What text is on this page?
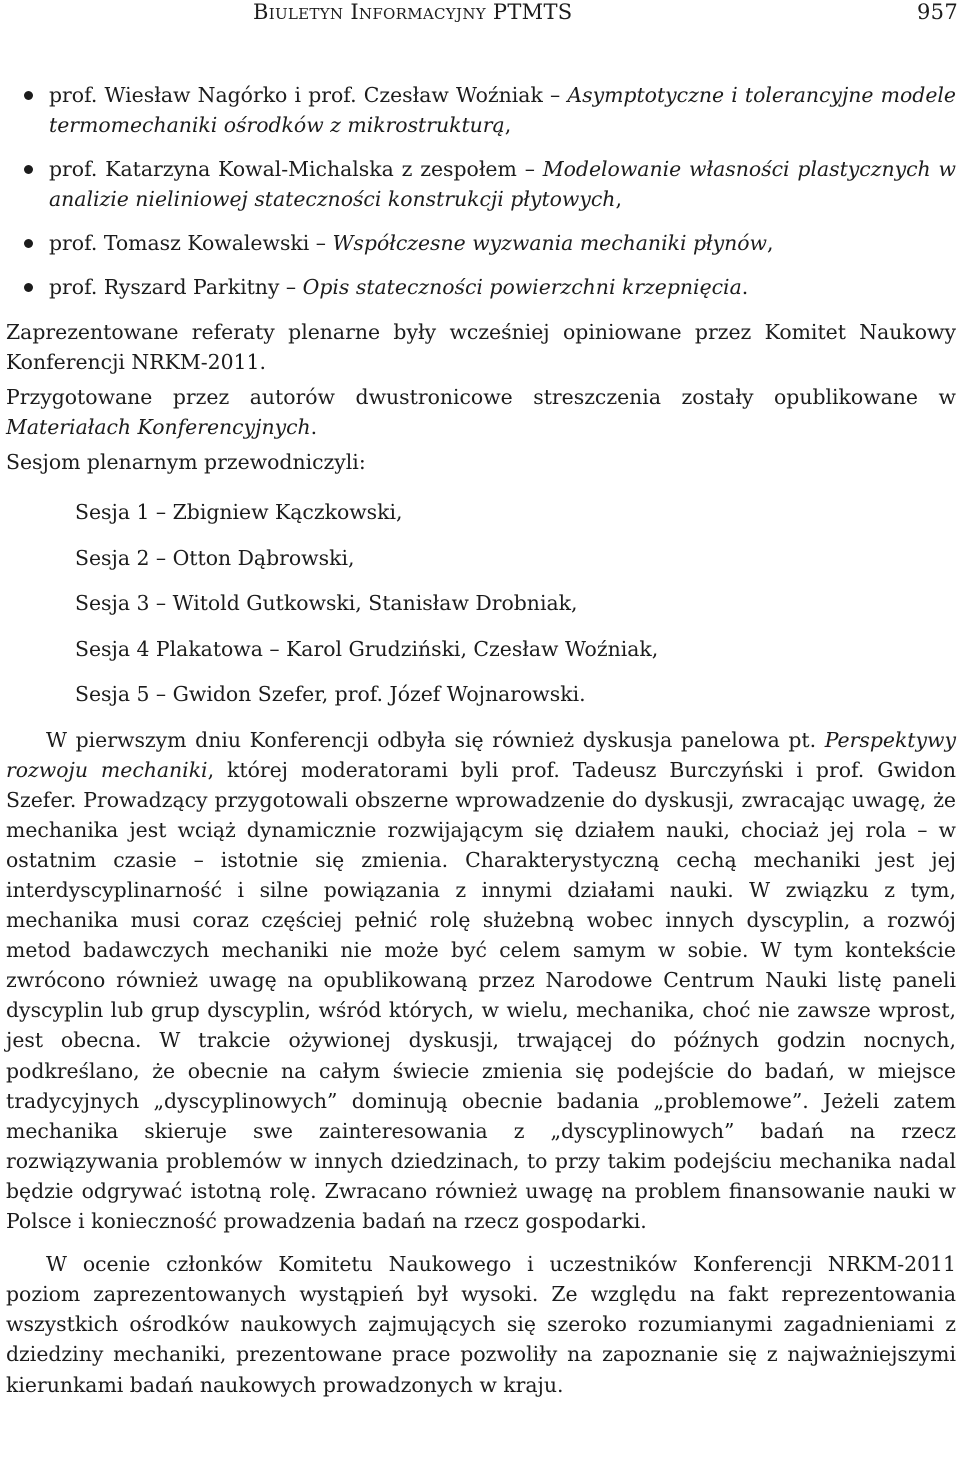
Biuletyn Informacyjny PTMTS	957
prof. Wiesław Nagórko i prof. Czesław Woźniak – Asymptotyczne i tolerancyjne modele termomechaniki ośrodków z mikrostrukturą,
prof. Katarzyna Kowal-Michalska z zespołem – Modelowanie własności plastycznych w analizie nieliniowej stateczności konstrukcji płytowych,
prof. Tomasz Kowalewski – Współczesne wyzwania mechaniki płynów,
prof. Ryszard Parkitny – Opis stateczności powierzchni krzepnięcia.

Zaprezentowane referaty plenarne były wcześniej opiniowane przez Komitet Naukowy Konferencji NRKM-2011.

Przygotowane przez autorów dwustronicowe streszczenia zostały opublikowane w Materiałach Konferencyjnych.

Sesjom plenarnym przewodniczyli:

Sesja 1 – Zbigniew Kączkowski,
Sesja 2 – Otton Dąbrowski,
Sesja 3 – Witold Gutkowski, Stanisław Drobniak,
Sesja 4 Plakatowa – Karol Grudziński, Czesław Woźniak,
Sesja 5 – Gwidon Szefer, prof. Józef Wojnarowski.

W pierwszym dniu Konferencji odbyła się również dyskusja panelowa pt. Perspektywy rozwoju mechaniki, której moderatorami byli prof. Tadeusz Burczyński i prof. Gwidon Szefer. Prowadzący przygotowali obszerne wprowadzenie do dyskusji, zwracając uwagę, że mechanika jest wciąż dynamicznie rozwijającym się działem nauki, chociaż jej rola – w ostatnim czasie – istotnie się zmienia. Charakterystyczną cechą mechaniki jest jej interdyscyplinarność i silne powiązania z innymi działami nauki. W związku z tym, mechanika musi coraz częściej pełnić rolę służebną wobec innych dyscyplin, a rozwój metod badawczych mechaniki nie może być celem samym w sobie. W tym kontekście zwrócono również uwagę na opublikowaną przez Narodowe Centrum Nauki listę paneli dyscyplin lub grup dyscyplin, wśród których, w wielu, mechanika, choć nie zawsze wprost, jest obecna. W trakcie ożywionej dyskusji, trwającej do późnych godzin nocnych, podkreślano, że obecnie na całym świecie zmienia się podejście do badań, w miejsce tradycyjnych „dyscyplinowych” dominują obecnie badania „problemowe”. Jeżeli zatem mechanika skieruje swe zainteresowania z „dyscyplinowych” badań na rzecz rozwiązywania problemów w innych dziedzinach, to przy takim podejściu mechanika nadal będzie odgrywać istotną rolę. Zwracano również uwagę na problem finansowanie nauki w Polsce i konieczność prowadzenia badań na rzecz gospodarki.

W ocenie członków Komitetu Naukowego i uczestników Konferencji NRKM-2011 poziom zaprezentowanych wystąpień był wysoki. Ze względu na fakt reprezentowania wszystkich ośrodków naukowych zajmujących się szeroko rozumianymi zagadnieniami z dziedziny mechaniki, prezentowane prace pozwoliły na zapoznanie się z najważniejszymi kierunkami badań naukowych prowadzonych w kraju.
